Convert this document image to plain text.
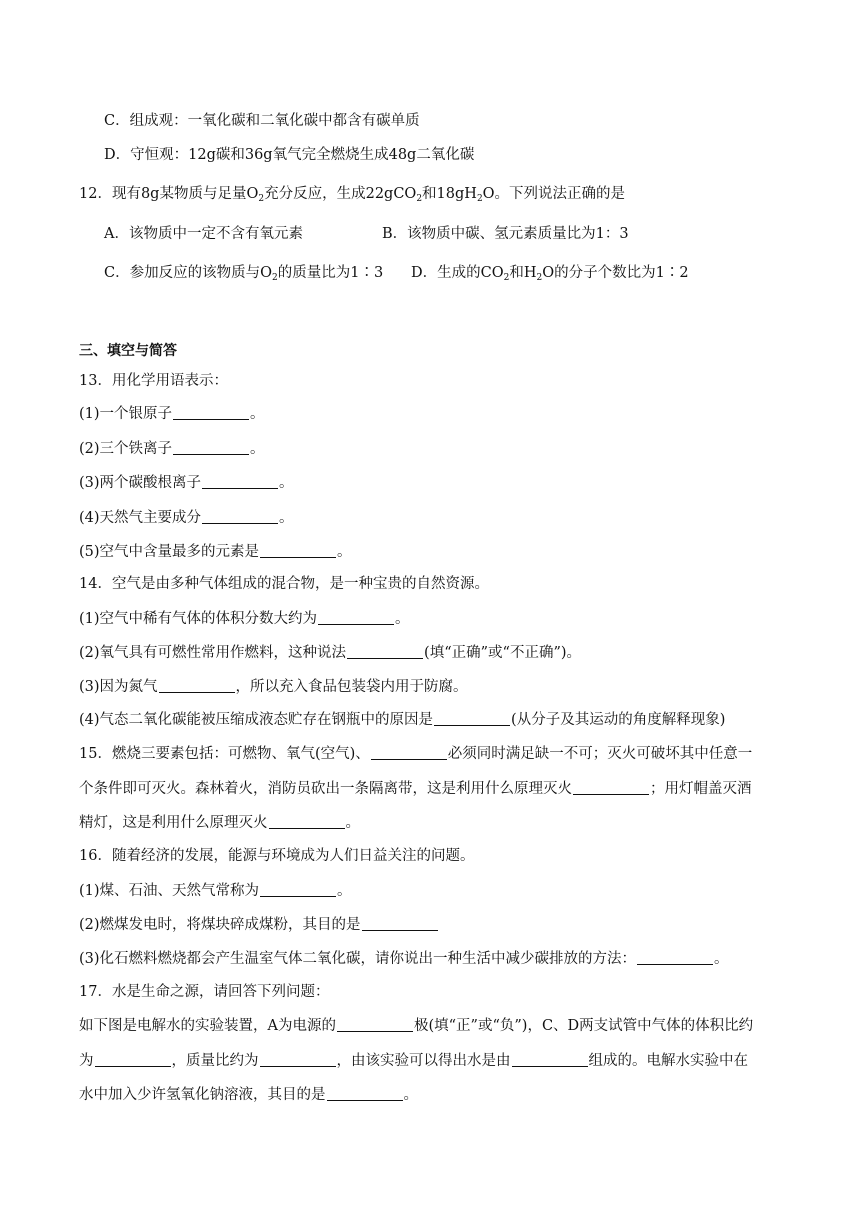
C．组成观：一氧化碳和二氧化碳中都含有碳单质
D．守恒观：12g碳和36g氧气完全燃烧生成48g二氧化碳
12．现有8g某物质与足量$O_2$充分反应，生成22gCO$_2$和$18gH_2O$。下列说法正确的是
A．该物质中一定不含有氧元素	B．该物质中碳、氢元素质量比为1：3
C．参加反应的该物质与$O_2$的质量比为1∶3 D．生成的$CO_2$和$H_2O$的分子个数比为1∶2
三、填空与简答
13．用化学用语表示：
(1)一个银原子	。
(2)三个铁离子	。
(3)两个碳酸根离子	。
(4)天然气主要成分	。
(5)空气中含量最多的元素是	。
14．空气是由多种气体组成的混合物，是一种宝贵的自然资源。
(1)空气中稀有气体的体积分数大约为	。
(2)氧气具有可燃性常用作燃料，这种说法	(填“正确”或“不正确”)。
(3)因为氮气	，所以充入食品包装袋内用于防腐。
(4)气态二氧化碳能被压缩成液态贮存在钢瓶中的原因是	(从分子及其运动的角度解释现象)
15．燃烧三要素包括：可燃物、氧气(空气)、	必须同时满足缺一不可；灭火可破坏其中任意一
个条件即可灭火。森林着火，消防员砍出一条隔离带，这是利用什么原理灭火	；用灯帽盖灭酒
精灯，这是利用什么原理灭火	。
16．随着经济的发展，能源与环境成为人们日益关注的问题。
(1)煤、石油、天然气常称为	。
(2)燃煤发电时，将煤块碎成煤粉，其目的是
(3)化石燃料燃烧都会产生温室气体二氧化碳，请你说出一种生活中减少碳排放的方法：	。
17．水是生命之源，请回答下列问题：
如下图是电解水的实验装置，A为电源的	极(填“正”或“负”)，C、D两支试管中气体的体积比约
为	，质量比约为	，由该实验可以得出水是由	组成的。电解水实验中在
水中加入少许氢氧化钠溶液，其目的是	。
